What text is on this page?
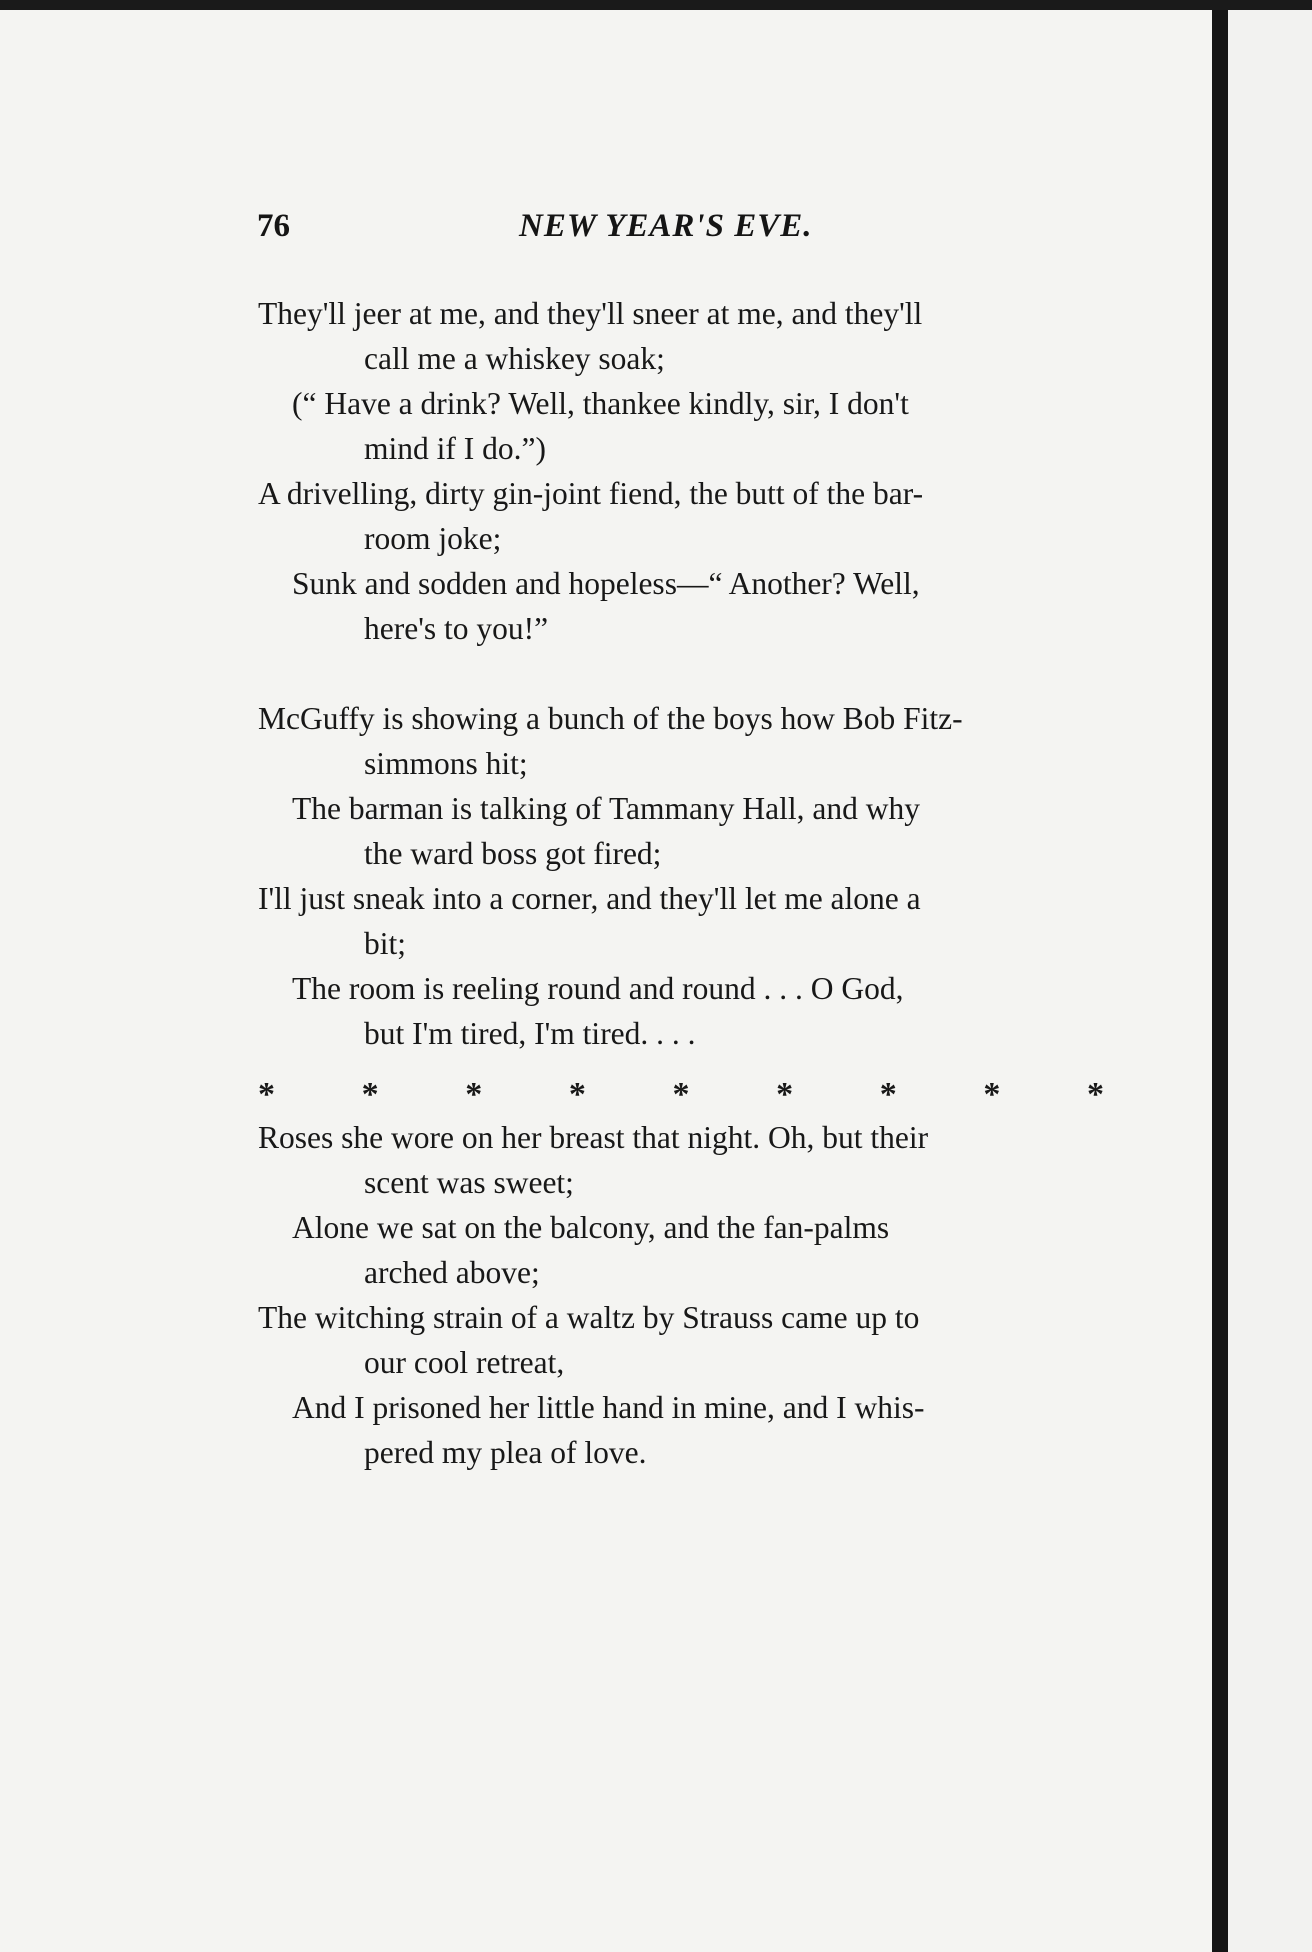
76	NEW YEAR'S EVE.
They'll jeer at me, and they'll sneer at me, and they'll
call me a whiskey soak;
(“ Have a drink? Well, thankee kindly, sir, I don't
mind if I do.”)
A drivelling, dirty gin-joint fiend, the butt of the bar-
room joke;
Sunk and sodden and hopeless—“ Another? Well,
here's to you!”
McGuffy is showing a bunch of the boys how Bob Fitz-
simmons hit;
The barman is talking of Tammany Hall, and why
the ward boss got fired;
I'll just sneak into a corner, and they'll let me alone a
bit;
The room is reeling round and round . . . O God,
but I'm tired, I'm tired. . . .
Roses she wore on her breast that night. Oh, but their
scent was sweet;
Alone we sat on the balcony, and the fan-palms
arched above;
The witching strain of a waltz by Strauss came up to
our cool retreat,
And I prisoned her little hand in mine, and I whis-
pered my plea of love.
*	*	*	*	*	*	*	*	*
